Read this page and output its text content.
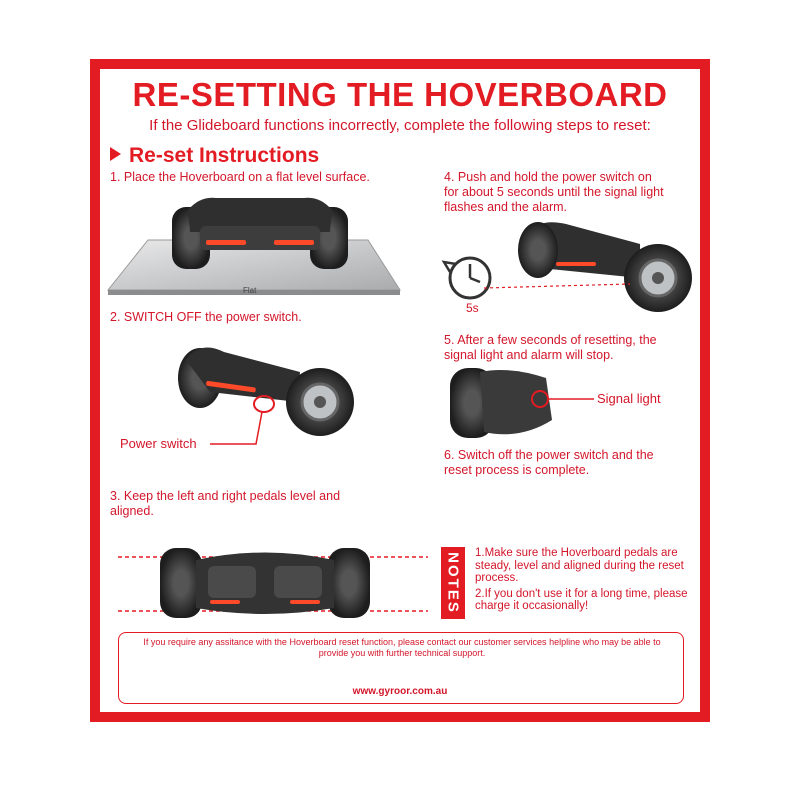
RE-SETTING THE HOVERBOARD
If the Glideboard functions incorrectly, complete the following steps to reset:
Re-set Instructions
1. Place the Hoverboard on a flat level surface.
2. SWITCH OFF the power switch.
3. Keep the left and right pedals level and aligned.
4. Push and hold the power switch on for about 5 seconds until the signal light flashes and the alarm.
5. After a few seconds of resetting, the signal light and alarm will stop.
6. Switch off the power switch and the reset process is complete.
Power switch
Flat
5s
Signal light
NOTES 1.Make sure the Hoverboard pedals are steady, level and aligned during the reset process.
2.If you don't use it for a long time, please charge it occasionally!
If you require any assitance with the Hoverboard reset function, please contact our customer services helpline who may be able to provide you with further technical support.
www.gyroor.com.au
